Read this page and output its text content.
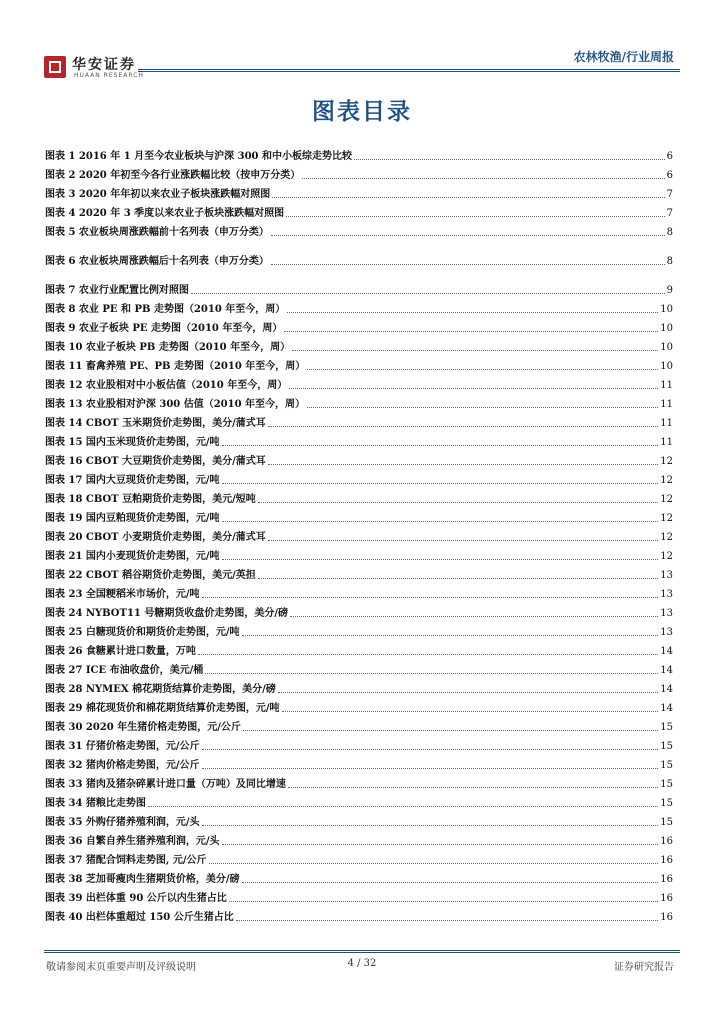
华安证券
HUAAN RESEARCH
农林牧渔/行业周报
图表目录
图表 1 2016 年 1 月至今农业板块与沪深 300 和中小板综走势比较	6
图表 2 2020 年初至今各行业涨跌幅比较（按申万分类）	6
图表 3 2020 年年初以来农业子板块涨跌幅对照图	7
图表 4 2020 年 3 季度以来农业子板块涨跌幅对照图	7
图表 5 农业板块周涨跌幅前十名列表（申万分类）	8
图表 6 农业板块周涨跌幅后十名列表（申万分类）	8
图表 7 农业行业配置比例对照图	9
图表 8 农业 PE 和 PB 走势图（2010 年至今，周）	10
图表 9 农业子板块 PE 走势图（2010 年至今，周）	10
图表 10 农业子板块 PB 走势图（2010 年至今，周）	10
图表 11 畜禽养殖 PE、PB 走势图（2010 年至今，周）	10
图表 12 农业股相对中小板估值（2010 年至今，周）	11
图表 13 农业股相对沪深 300 估值（2010 年至今，周）	11
图表 14 CBOT 玉米期货价走势图，美分/蒲式耳	11
图表 15 国内玉米现货价走势图，元/吨	11
图表 16 CBOT 大豆期货价走势图，美分/蒲式耳	12
图表 17 国内大豆现货价走势图，元/吨	12
图表 18 CBOT 豆粕期货价走势图，美元/短吨	12
图表 19 国内豆粕现货价走势图，元/吨	12
图表 20 CBOT 小麦期货价走势图，美分/蒲式耳	12
图表 21 国内小麦现货价走势图，元/吨	12
图表 22 CBOT 稻谷期货价走势图，美元/英担	13
图表 23 全国粳稻米市场价，元/吨	13
图表 24 NYBOT11 号糖期货收盘价走势图，美分/磅	13
图表 25 白糖现货价和期货价走势图，元/吨	13
图表 26 食糖累计进口数量，万吨	14
图表 27 ICE 布油收盘价，美元/桶	14
图表 28 NYMEX 棉花期货结算价走势图，美分/磅	14
图表 29 棉花现货价和棉花期货结算价走势图，元/吨	14
图表 30 2020 年生猪价格走势图，元/公斤	15
图表 31 仔猪价格走势图，元/公斤	15
图表 32 猪肉价格走势图，元/公斤	15
图表 33 猪肉及猪杂碎累计进口量（万吨）及同比增速	15
图表 34 猪粮比走势图	15
图表 35 外购仔猪养殖利润，元/头	15
图表 36 自繁自养生猪养殖利润，元/头	16
图表 37 猪配合饲料走势图, 元/公斤	16
图表 38 芝加哥瘦肉生猪期货价格，美分/磅	16
图表 39 出栏体重 90 公斤以内生猪占比	16
图表 40 出栏体重超过 150 公斤生猪占比	16
敬请参阅末页重要声明及评级说明	4 / 32	证券研究报告
